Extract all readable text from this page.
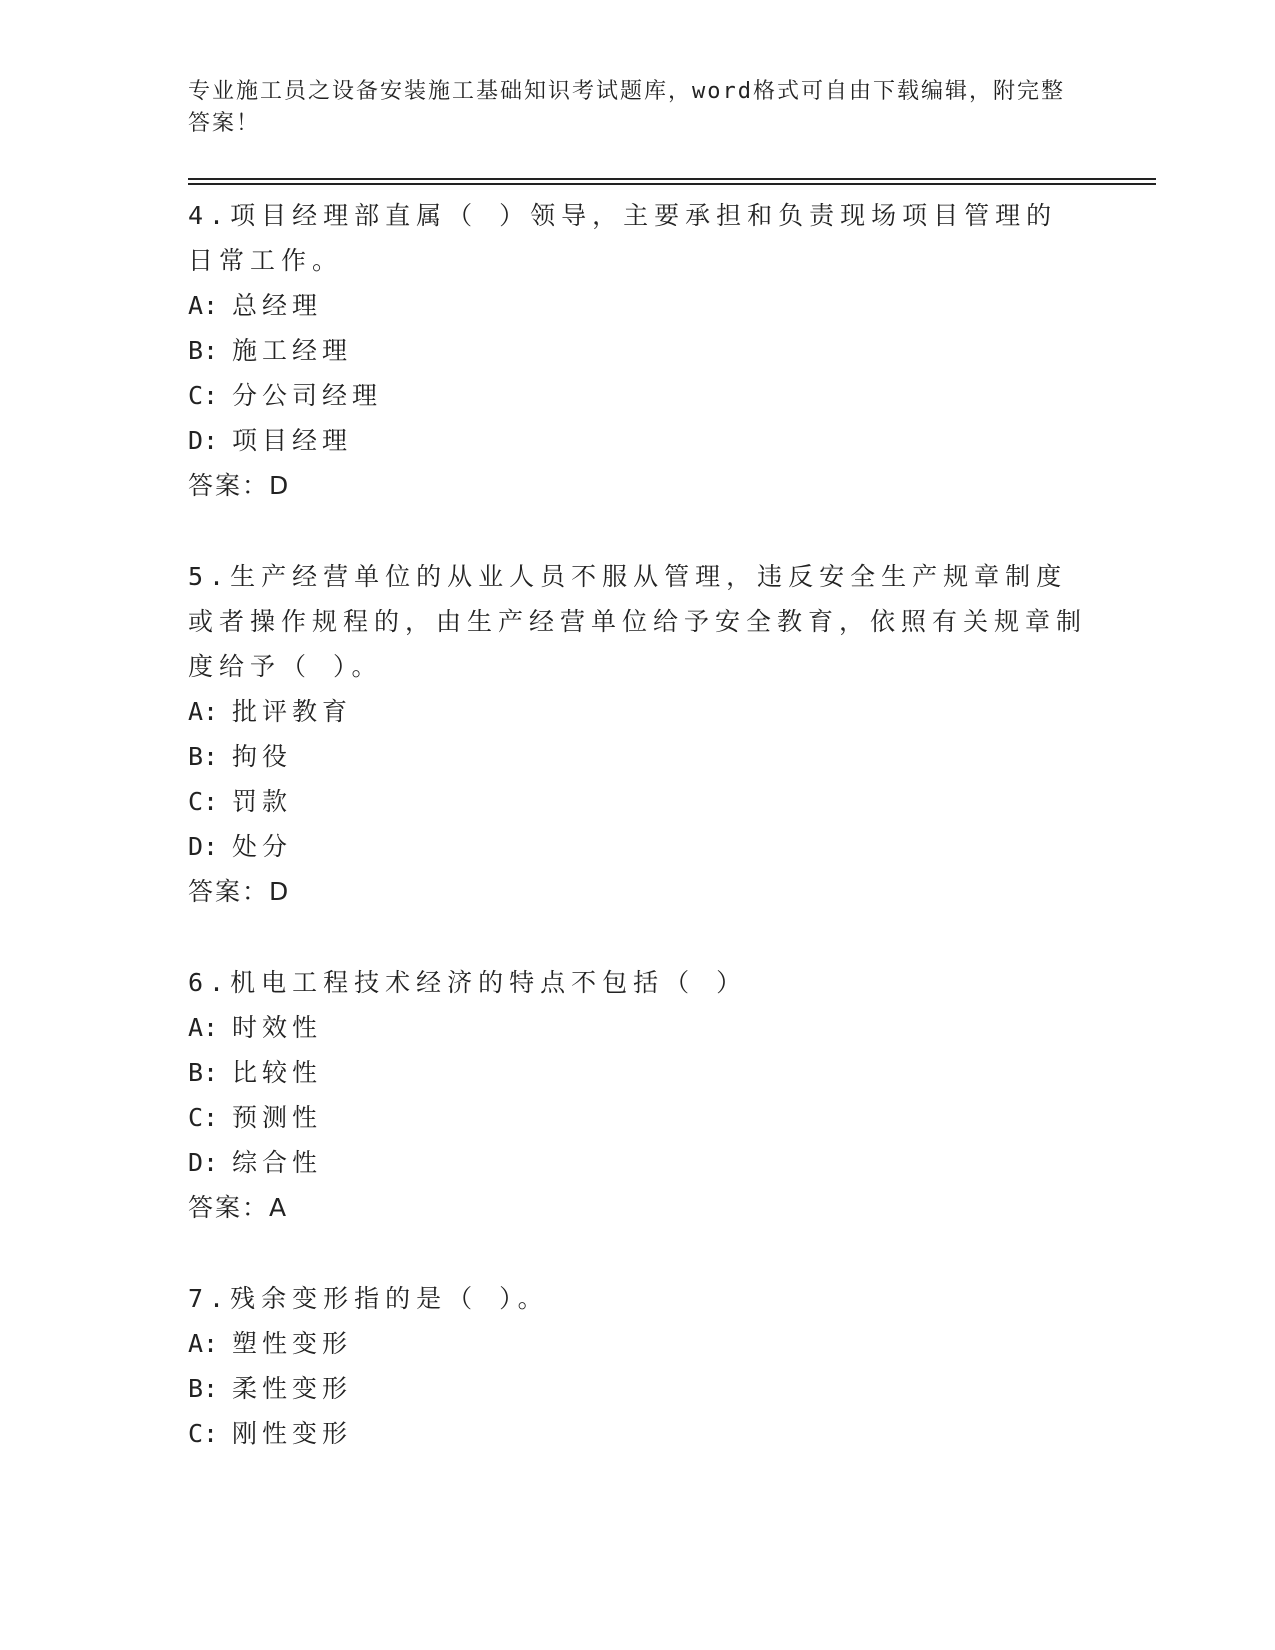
专业施工员之设备安装施工基础知识考试题库，word格式可自由下载编辑，附完整答案！
4.项目经理部直属（ ）领导，主要承担和负责现场项目管理的日常工作。
A: 总经理
B: 施工经理
C: 分公司经理
D: 项目经理
答案：D
5.生产经营单位的从业人员不服从管理，违反安全生产规章制度或者操作规程的，由生产经营单位给予安全教育，依照有关规章制度给予（ ）。
A: 批评教育
B: 拘役
C: 罚款
D: 处分
答案：D
6.机电工程技术经济的特点不包括（ ）
A: 时效性
B: 比较性
C: 预测性
D: 综合性
答案：A
7.残余变形指的是（ ）。
A: 塑性变形
B: 柔性变形
C: 刚性变形
